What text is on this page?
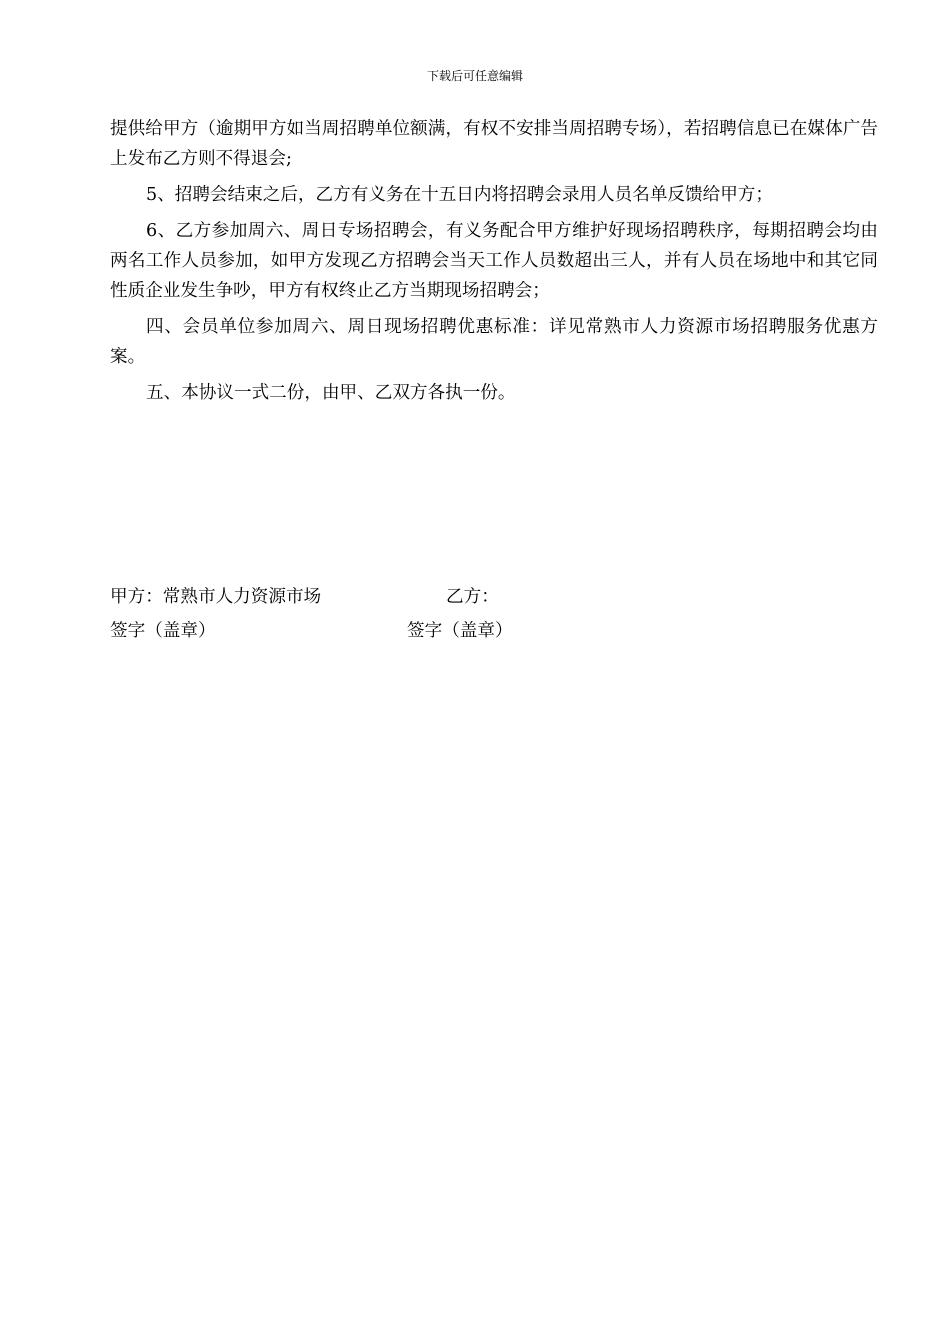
下载后可任意编辑

提供给甲方（逾期甲方如当周招聘单位额满，有权不安排当周招聘专场），若招聘信息已在媒体广告上发布乙方则不得退会;

5、招聘会结束之后，乙方有义务在十五日内将招聘会录用人员名单反馈给甲方；

6、乙方参加周六、周日专场招聘会，有义务配合甲方维护好现场招聘秩序，每期招聘会均由两名工作人员参加，如甲方发现乙方招聘会当天工作人员数超出三人，并有人员在场地中和其它同性质企业发生争吵，甲方有权终止乙方当期现场招聘会；

四、会员单位参加周六、周日现场招聘优惠标准：详见常熟市人力资源市场招聘服务优惠方案。

五、本协议一式二份，由甲、乙双方各执一份。

甲方：常熟市人力资源市场	乙方：
签字（盖章）	签字（盖章）
